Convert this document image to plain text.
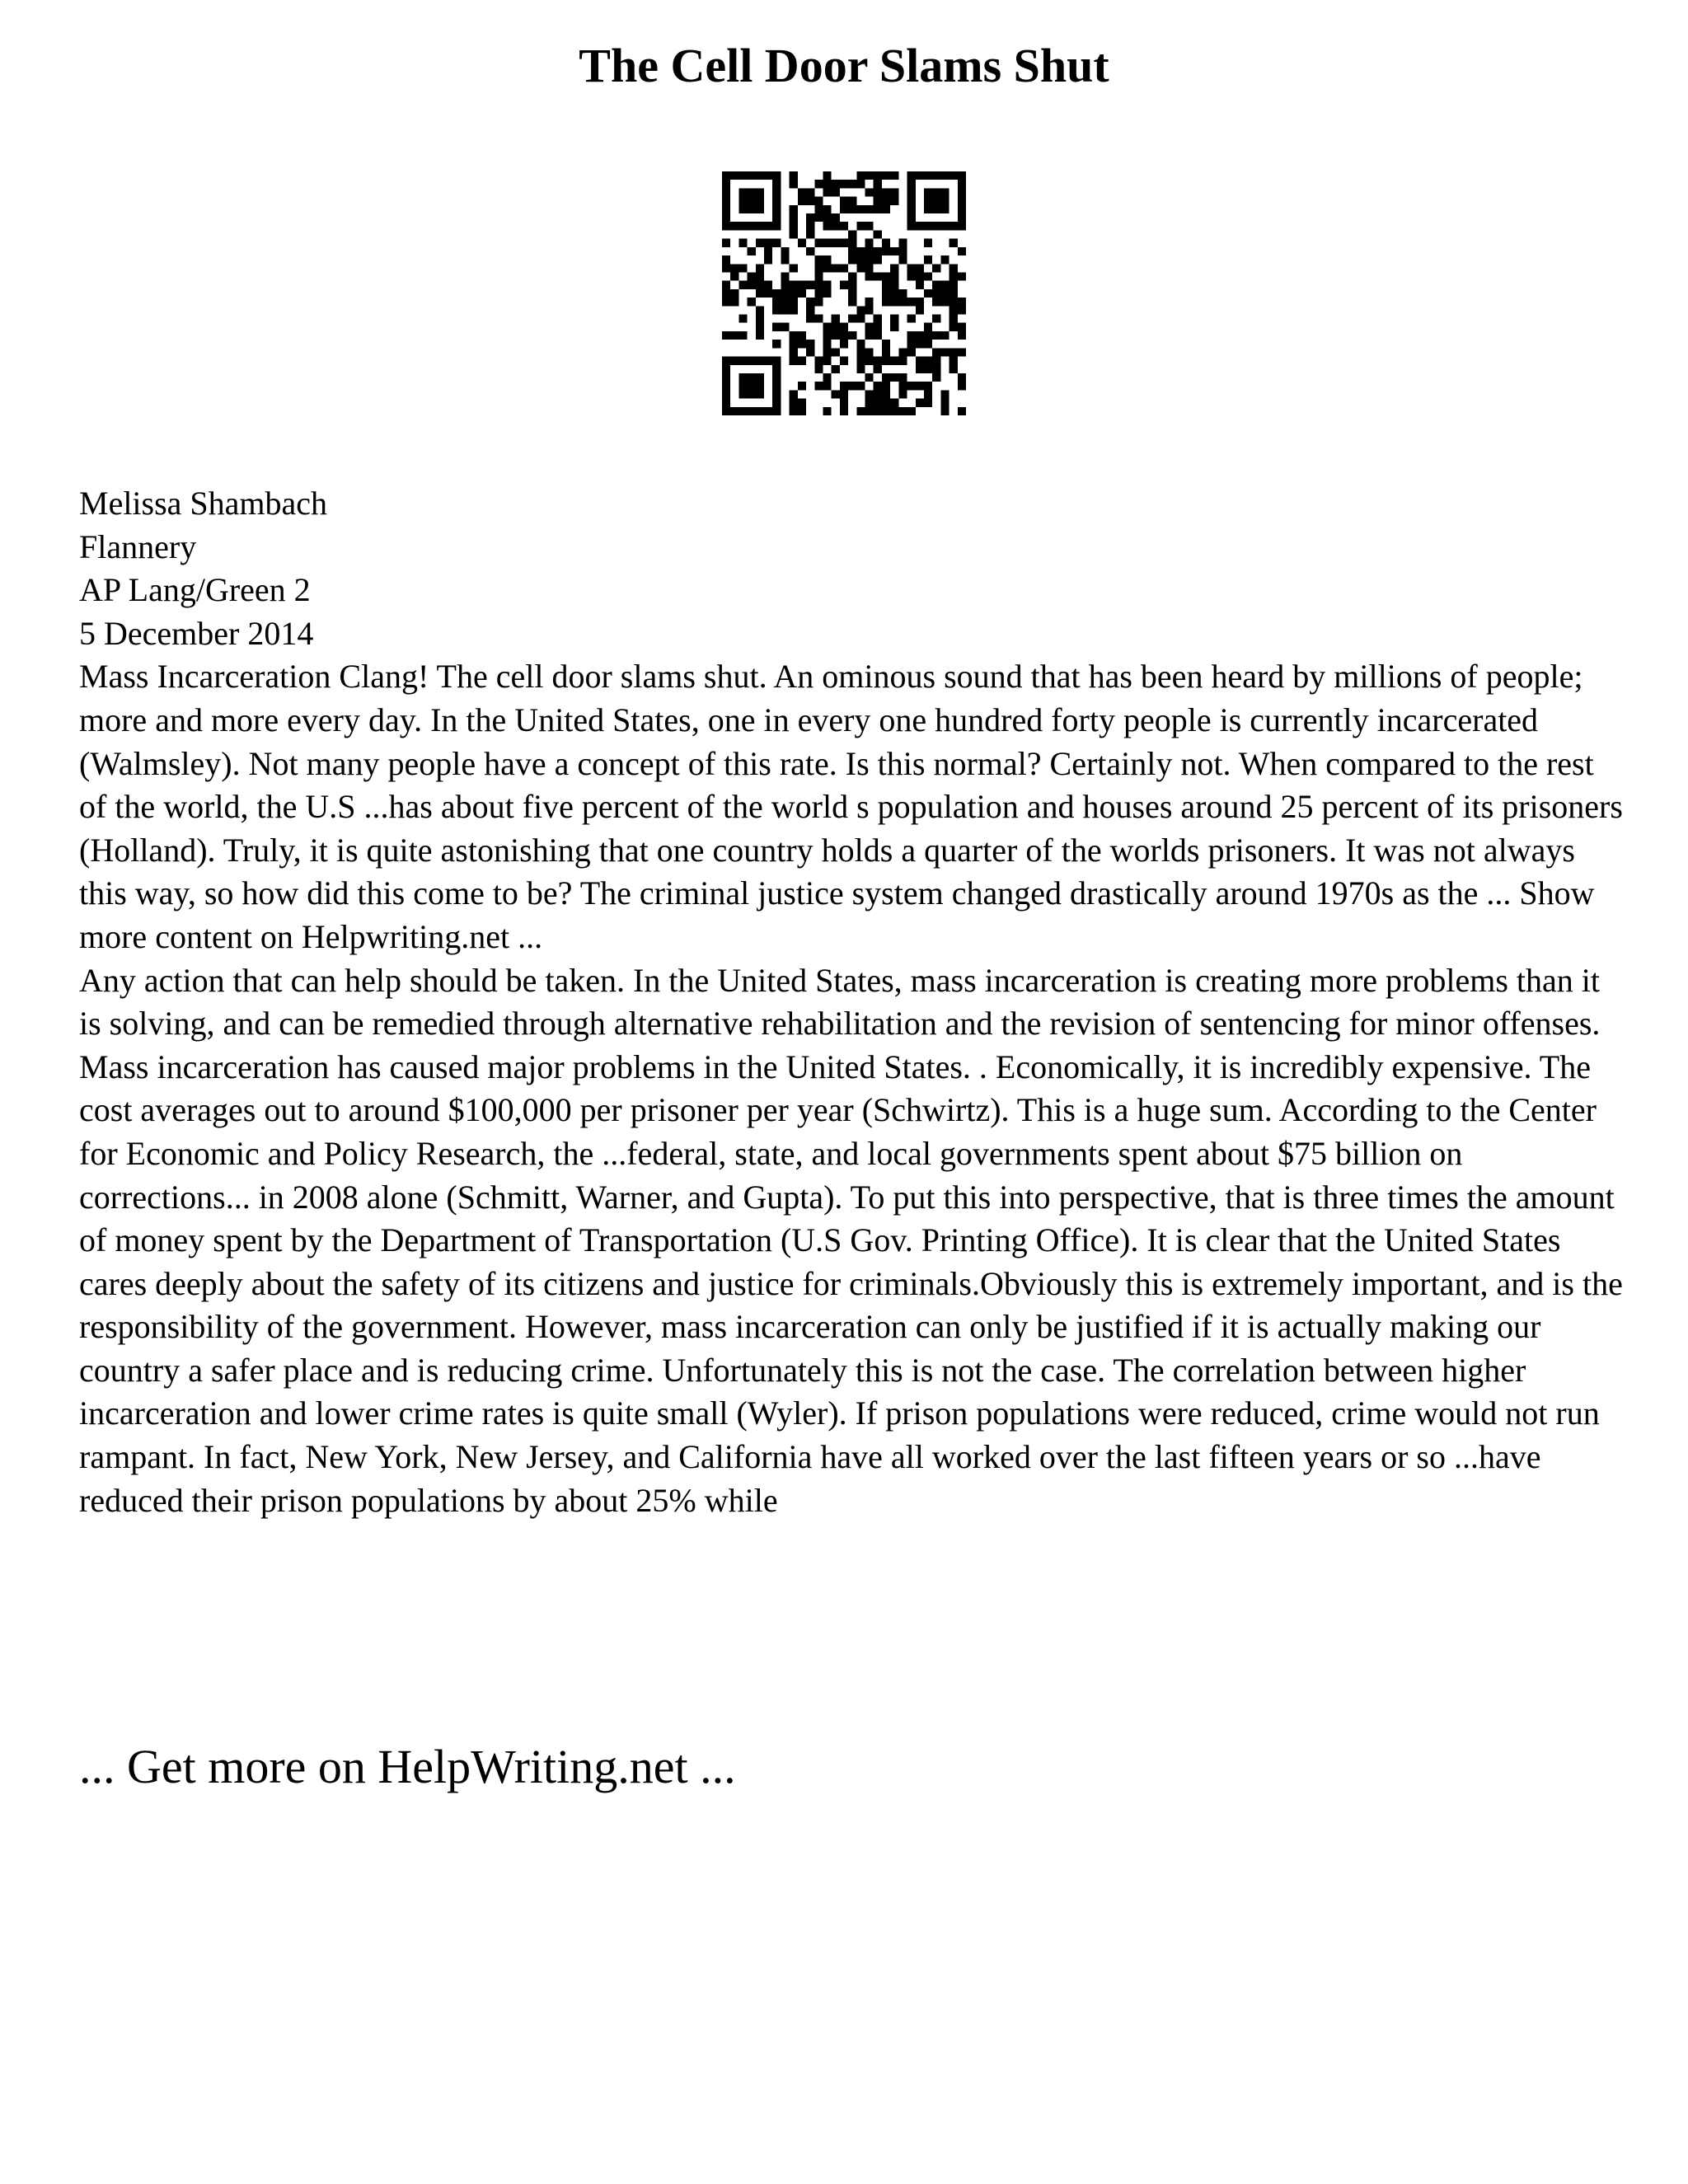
The Cell Door Slams Shut

Melissa Shambach

Flannery

AP Lang/Green 2

5 December 2014

Mass Incarceration Clang! The cell door slams shut. An ominous sound that has been heard by millions of people; more and more every day. In the United States, one in every one hundred forty people is currently incarcerated (Walmsley). Not many people have a concept of this rate. Is this normal? Certainly not. When compared to the rest of the world, the U.S ...has about five percent of the world s population and houses around 25 percent of its prisoners (Holland). Truly, it is quite astonishing that one country holds a quarter of the worlds prisoners. It was not always this way, so how did this come to be? The criminal justice system changed drastically around 1970s as the ... Show more content on Helpwriting.net ...

Any action that can help should be taken. In the United States, mass incarceration is creating more problems than it is solving, and can be remedied through alternative rehabilitation and the revision of sentencing for minor offenses.

Mass incarceration has caused major problems in the United States. . Economically, it is incredibly expensive. The cost averages out to around $100,000 per prisoner per year (Schwirtz). This is a huge sum. According to the Center for Economic and Policy Research, the ...federal, state, and local governments spent about $75 billion on corrections... in 2008 alone (Schmitt, Warner, and Gupta). To put this into perspective, that is three times the amount of money spent by the Department of Transportation (U.S Gov. Printing Office). It is clear that the United States cares deeply about the safety of its citizens and justice for criminals.Obviously this is extremely important, and is the responsibility of the government. However, mass incarceration can only be justified if it is actually making our country a safer place and is reducing crime. Unfortunately this is not the case. The correlation between higher incarceration and lower crime rates is quite small (Wyler). If prison populations were reduced, crime would not run rampant. In fact, New York, New Jersey, and California have all worked over the last fifteen years or so ...have reduced their prison populations by about 25% while

... Get more on HelpWriting.net ...
